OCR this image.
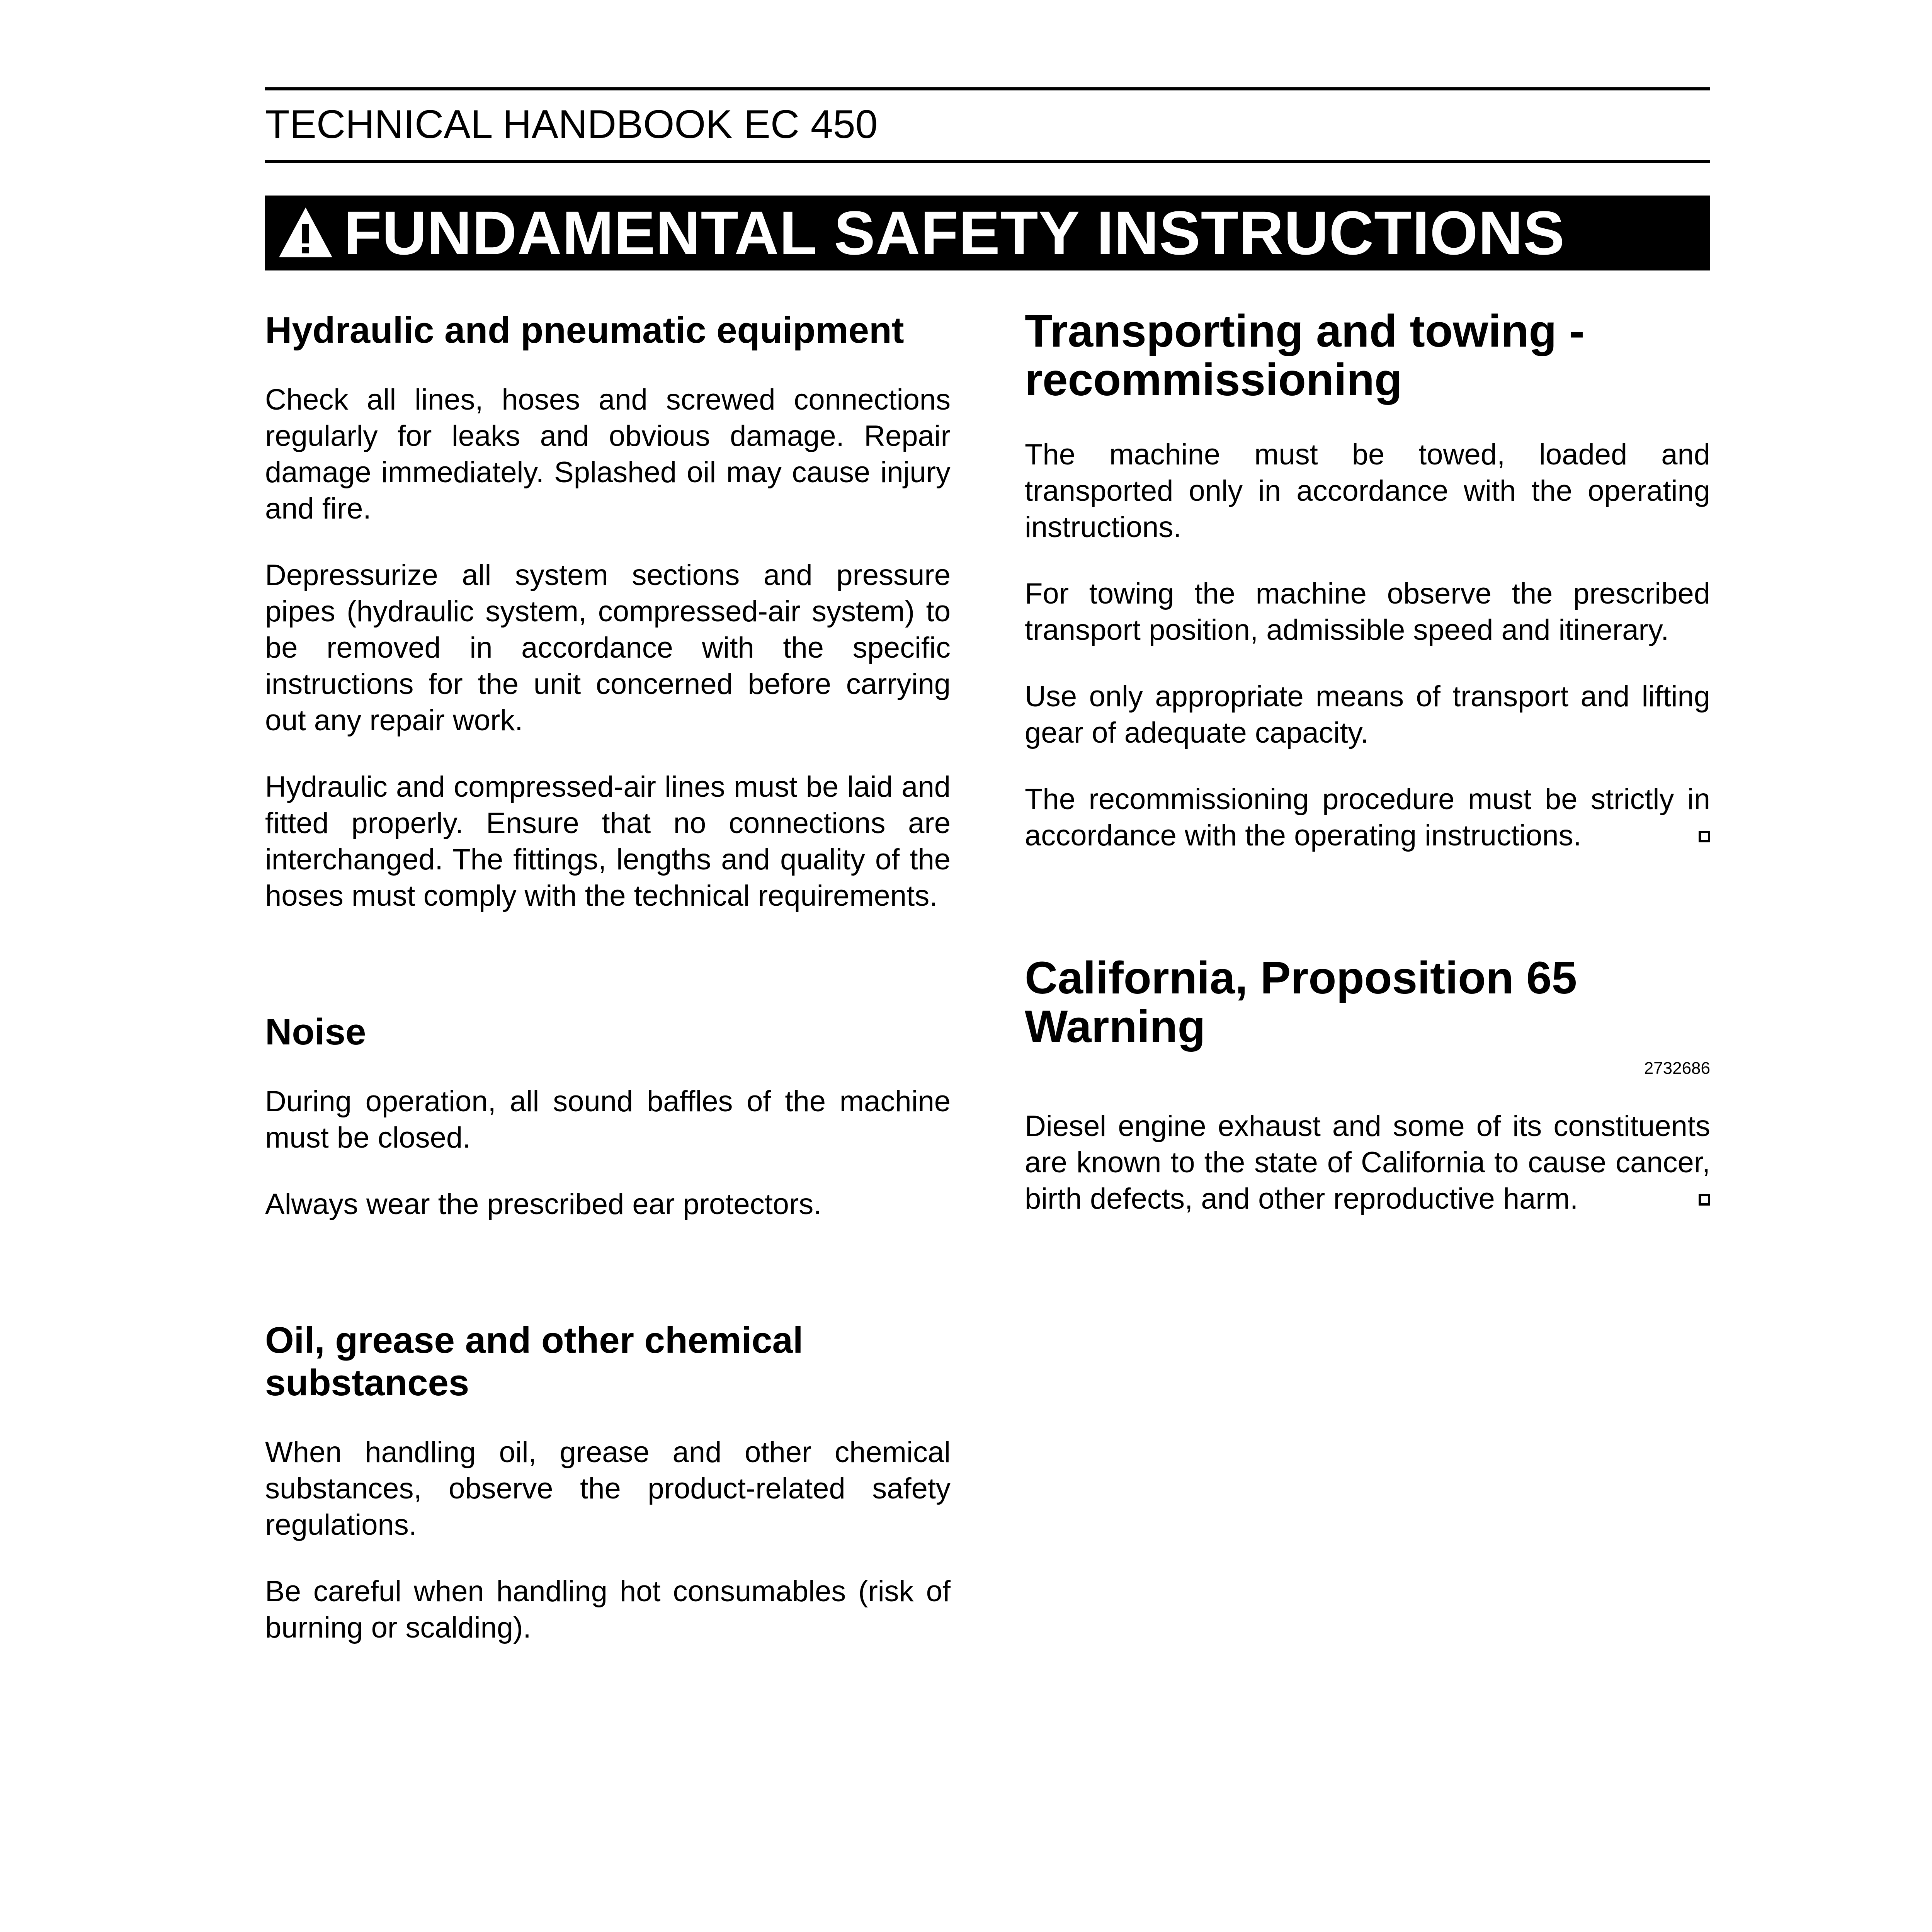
TECHNICAL HANDBOOK EC 450
FUNDAMENTAL SAFETY INSTRUCTIONS
Hydraulic and pneumatic equipment

Check all lines, hoses and screwed connections regularly for leaks and obvious damage. Repair damage immediately. Splashed oil may cause injury and fire.

Depressurize all system sections and pressure pipes (hydraulic system, compressed-air system) to be removed in accordance with the specific instructions for the unit concerned before carrying out any repair work.

Hydraulic and compressed-air lines must be laid and fitted properly. Ensure that no connections are interchanged. The fittings, lengths and quality of the hoses must comply with the technical requirements.

Noise

During operation, all sound baffles of the machine must be closed.

Always wear the prescribed ear protectors.

Oil, grease and other chemical substances

When handling oil, grease and other chemical substances, observe the product-related safety regulations.

Be careful when handling hot consumables (risk of burning or scalding).

Transporting and towing - recommissioning

The machine must be towed, loaded and transported only in accordance with the operating instructions.

For towing the machine observe the prescribed transport position, admissible speed and itinerary.

Use only appropriate means of transport and lifting gear of adequate capacity.

The recommissioning procedure must be strictly in accordance with the operating instructions.

California, Proposition 65 Warning
2732686

Diesel engine exhaust and some of its constituents are known to the state of California to cause cancer, birth defects, and other reproductive harm.
